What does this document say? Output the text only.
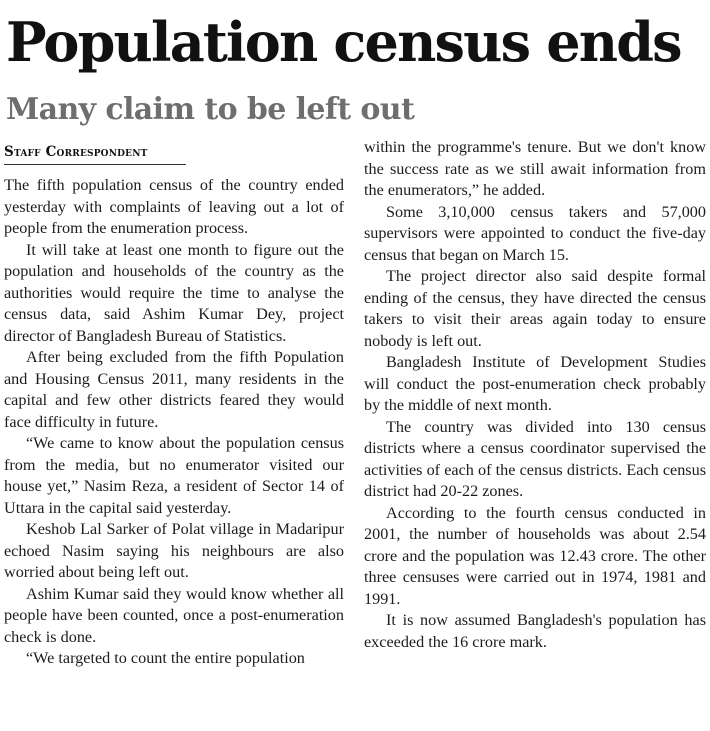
Population census ends
Many claim to be left out
Staff Correspondent

The fifth population census of the country ended yesterday with complaints of leaving out a lot of people from the enumeration process.

It will take at least one month to figure out the population and households of the country as the authorities would require the time to analyse the census data, said Ashim Kumar Dey, project director of Bangladesh Bureau of Statistics.

After being excluded from the fifth Population and Housing Census 2011, many residents in the capital and few other districts feared they would face difficulty in future.

“We came to know about the population census from the media, but no enumerator visited our house yet,” Nasim Reza, a resident of Sector 14 of Uttara in the capital said yesterday.

Keshob Lal Sarker of Polat village in Madaripur echoed Nasim saying his neighbours are also worried about being left out.

Ashim Kumar said they would know whether all people have been counted, once a post-enumeration check is done.

“We targeted to count the entire population

within the programme's tenure. But we don't know the success rate as we still await information from the enumerators,” he added.

Some 3,10,000 census takers and 57,000 supervisors were appointed to conduct the five-day census that began on March 15.

The project director also said despite formal ending of the census, they have directed the census takers to visit their areas again today to ensure nobody is left out.

Bangladesh Institute of Development Studies will conduct the post-enumeration check probably by the middle of next month.

The country was divided into 130 census districts where a census coordinator supervised the activities of each of the census districts. Each census district had 20-22 zones.

According to the fourth census conducted in 2001, the number of households was about 2.54 crore and the population was 12.43 crore. The other three censuses were carried out in 1974, 1981 and 1991.

It is now assumed Bangladesh's population has exceeded the 16 crore mark.
